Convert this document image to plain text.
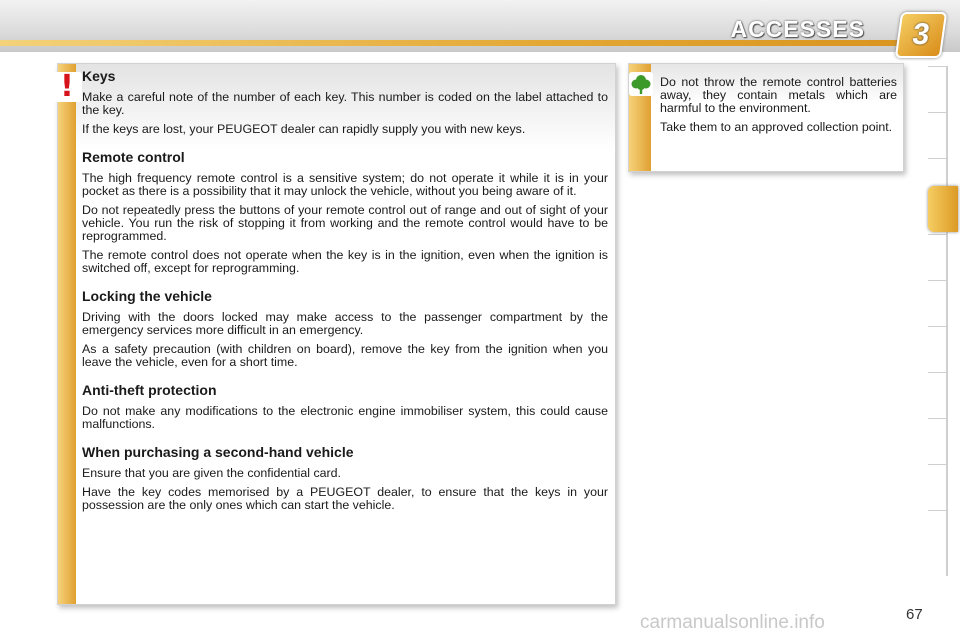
ACCESSES	3
! Keys

Make a careful note of the number of each key. This number is coded on the label attached to the key.

If the keys are lost, your PEUGEOT dealer can rapidly supply you with new keys.

Remote control

The high frequency remote control is a sensitive system; do not operate it while it is in your pocket as there is a possibility that it may unlock the vehicle, without you being aware of it.

Do not repeatedly press the buttons of your remote control out of range and out of sight of your vehicle. You run the risk of stopping it from working and the remote control would have to be reprogrammed.

The remote control does not operate when the key is in the ignition, even when the ignition is switched off, except for reprogramming.

Locking the vehicle

Driving with the doors locked may make access to the passenger compartment by the emergency services more difficult in an emergency.

As a safety precaution (with children on board), remove the key from the ignition when you leave the vehicle, even for a short time.

Anti-theft protection

Do not make any modifications to the electronic engine immobiliser system, this could cause malfunctions.

When purchasing a second-hand vehicle

Ensure that you are given the confidential card.

Have the key codes memorised by a PEUGEOT dealer, to ensure that the keys in your possession are the only ones which can start the vehicle.

Do not throw the remote control batteries away, they contain metals which are harmful to the environment.

Take them to an approved collection point.

carmanualsonline.info	67
